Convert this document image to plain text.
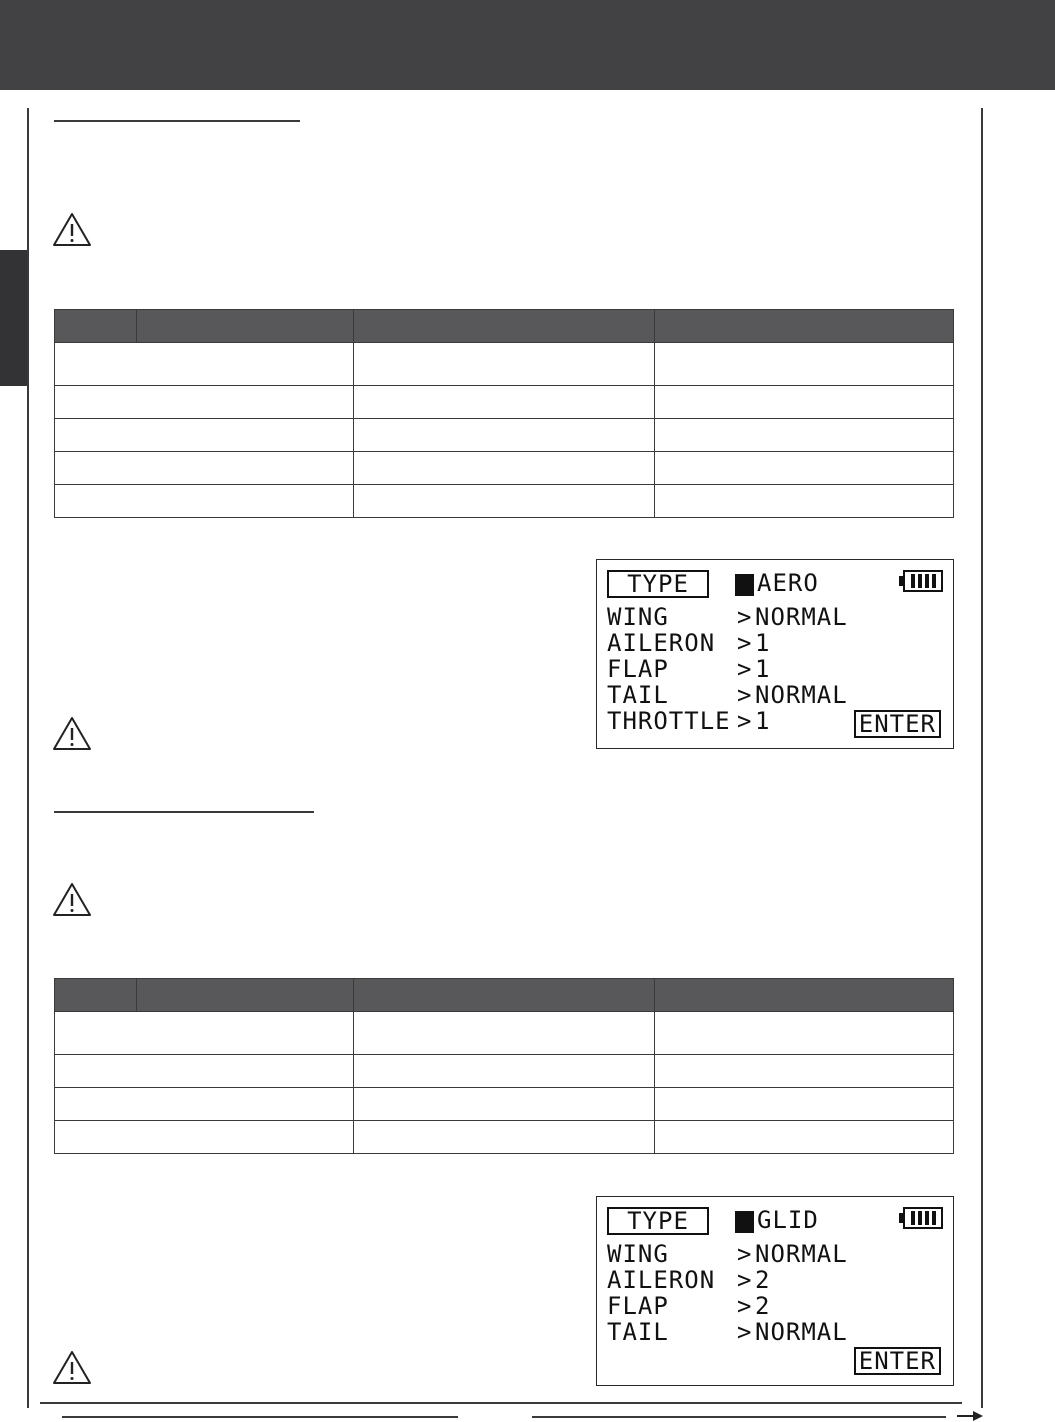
TYPE	AERO
WING	> NORMAL
AILERON > 1
FLAP	> 1
TAIL	> NORMAL
THROTTLE > 1	ENTER

TYPE	GLID
WING	> NORMAL
AILERON > 2
FLAP	> 2
TAIL	> NORMAL
ENTER
